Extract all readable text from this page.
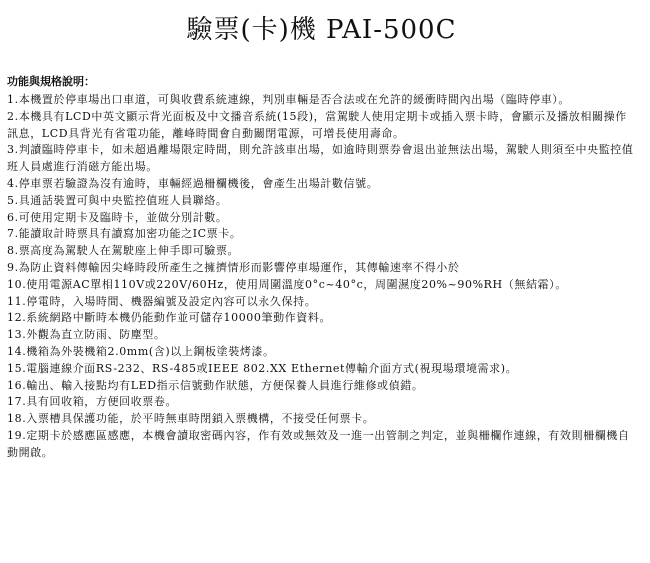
驗票(卡)機 PAI-500C
功能與規格說明：
1.本機置於停車場出口車道，可與收費系統連線，判別車輛是否合法或在允許的緩衝時間內出場（臨時停車）。
2.本機具有LCD中英文顯示背光面板及中文播音系統(15段)，當駕駛人使用定期卡或插入票卡時，會顯示及播放相關操作訊息，LCD具背光有省電功能，離峰時間會自動關閉電源，可增長使用壽命。
3.判讀臨時停車卡，如未超過離場限定時間，則允許該車出場，如逾時則票券會退出並無法出場，駕駛人則須至中央監控值班人員處進行消磁方能出場。
4.停車票若驗證為沒有逾時，車輛經過柵欄機後，會產生出場計數信號。
5.具通話裝置可與中央監控值班人員聯絡。
6.可使用定期卡及臨時卡，並做分別計數。
7.能讀取計時票具有讀寫加密功能之IC票卡。
8.票高度為駕駛人在駕駛座上伸手即可驗票。
9.為防止資料傳輸因尖峰時段所產生之擁擠情形而影響停車場運作，其傳輸速率不得小於
10.使用電源AC單相110V或220V/60Hz，使用周圍溫度0°c~40°c，周圍濕度20%~90%RH（無結霜）。
11.停電時，入場時間、機器編號及設定內容可以永久保持。
12.系統網路中斷時本機仍能動作並可儲存10000筆動作資料。
13.外觀為直立防雨、防塵型。
14.機箱為外裝機箱2.0mm(含)以上鋼板塗裝烤漆。
15.電腦連線介面RS-232、RS-485或IEEE 802.XX Ethernet傳輸介面方式(視現場環境需求)。
16.輸出、輸入接點均有LED指示信號動作狀態，方便保養人員進行維修或偵錯。
17.具有回收箱，方便回收票卷。
18.入票槽具保護功能，於平時無車時閉鎖入票機構，不接受任何票卡。
19.定期卡於感應區感應，本機會讀取密碼內容，作有效或無效及一進一出管制之判定，並與柵欄作連線，有效則柵欄機自動開啟。
